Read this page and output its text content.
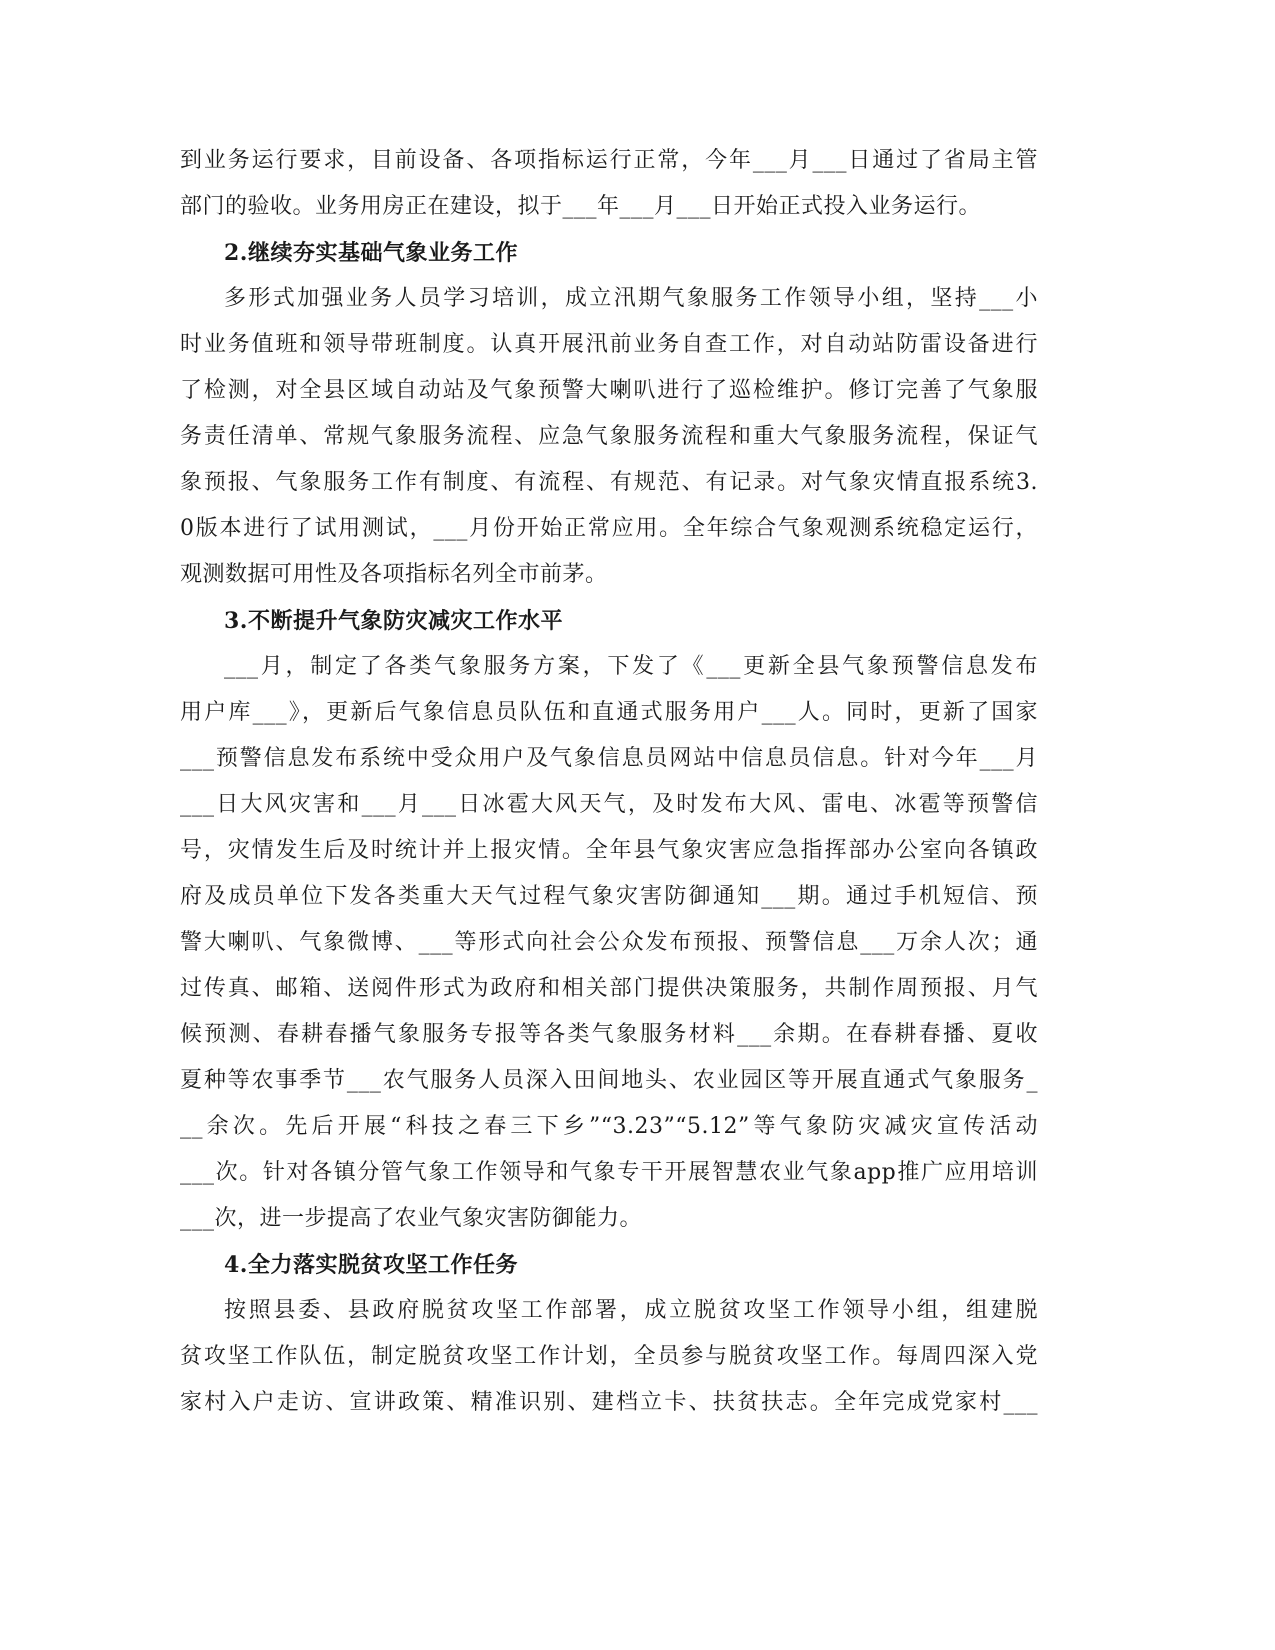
到业务运行要求，目前设备、各项指标运行正常，今年___月___日通过了省局主管
部门的验收。业务用房正在建设，拟于___年___月___日开始正式投入业务运行。
2.继续夯实基础气象业务工作
多形式加强业务人员学习培训，成立汛期气象服务工作领导小组，坚持___小
时业务值班和领导带班制度。认真开展汛前业务自查工作，对自动站防雷设备进行
了检测，对全县区域自动站及气象预警大喇叭进行了巡检维护。修订完善了气象服
务责任清单、常规气象服务流程、应急气象服务流程和重大气象服务流程，保证气
象预报、气象服务工作有制度、有流程、有规范、有记录。对气象灾情直报系统3.
0版本进行了试用测试，___月份开始正常应用。全年综合气象观测系统稳定运行，
观测数据可用性及各项指标名列全市前茅。
3.不断提升气象防灾减灾工作水平
___月，制定了各类气象服务方案，下发了《___更新全县气象预警信息发布
用户库___》，更新后气象信息员队伍和直通式服务用户___人。同时，更新了国家
___预警信息发布系统中受众用户及气象信息员网站中信息员信息。针对今年___月
___日大风灾害和___月___日冰雹大风天气，及时发布大风、雷电、冰雹等预警信
号，灾情发生后及时统计并上报灾情。全年县气象灾害应急指挥部办公室向各镇政
府及成员单位下发各类重大天气过程气象灾害防御通知___期。通过手机短信、预
警大喇叭、气象微博、___等形式向社会公众发布预报、预警信息___万余人次；通
过传真、邮箱、送阅件形式为政府和相关部门提供决策服务，共制作周预报、月气
候预测、春耕春播气象服务专报等各类气象服务材料___余期。在春耕春播、夏收
夏种等农事季节___农气服务人员深入田间地头、农业园区等开展直通式气象服务_
__余次。先后开展“科技之春三下乡”“3.23”“5.12”等气象防灾减灾宣传活动
___次。针对各镇分管气象工作领导和气象专干开展智慧农业气象app推广应用培训
___次，进一步提高了农业气象灾害防御能力。
4.全力落实脱贫攻坚工作任务
按照县委、县政府脱贫攻坚工作部署，成立脱贫攻坚工作领导小组，组建脱
贫攻坚工作队伍，制定脱贫攻坚工作计划，全员参与脱贫攻坚工作。每周四深入党
家村入户走访、宣讲政策、精准识别、建档立卡、扶贫扶志。全年完成党家村___
